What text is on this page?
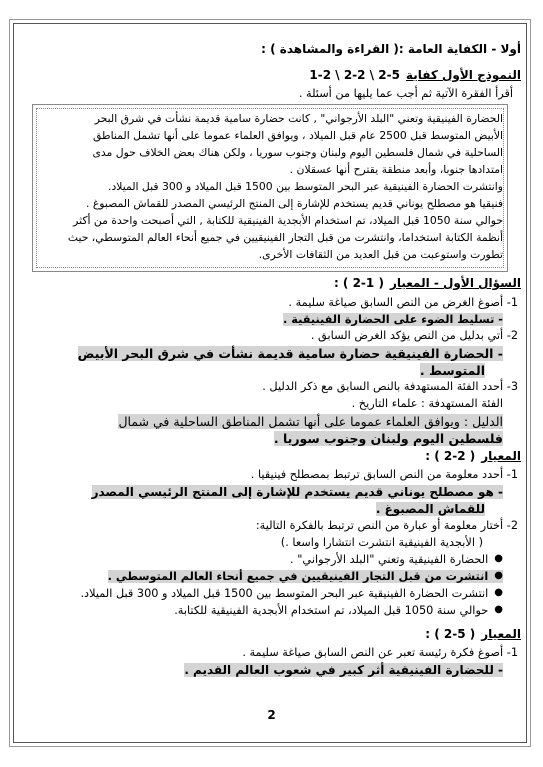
أولا - الكفاية العامة :( القراءة والمشاهدة ) :
النموذج الأول كفاية
1-2 \ 2-2 \ 2-5
أقرأ الفقرة الآتية ثم أجب عما يليها من أسئلة .
الحضارة الفينيقية وتعني "البلد الأرجواني" , كانت حضارة سامية قديمة نشأت في شرق البحر
الأبيض المتوسط قبل 2500 عام قبل الميلاد ، ويوافق العلماء عموما على أنها تشمل المناطق
الساحلية في شمال فلسطين اليوم ولبنان وجنوب سوريا ، ولكن هناك بعض الخلاف حول مدى
امتدادها جنوبا، وأبعد منطقة يقترح أنها عسقلان .
وانتشرت الحضارة الفينيقية عبر البحر المتوسط بين 1500 قبل الميلاد و 300 قبل الميلاد.
فنيقيا هو مصطلح يوناني قديم يستخدم للإشارة إلى المنتج الرئيسي المصدر للقماش المصبوغ .
حوالي سنة 1050 قبل الميلاد، تم استخدام الأبجدية الفينيقية للكتابة , التي أصبحت واحدة من أكثر
أنظمة الكتابة استخداما، وانتشرت من قبل التجار الفينيقيين في جميع أنحاء العالم المتوسطي، حيث
تطورت واستوعبت من قبل العديد من الثقافات الأخرى.
السؤال الأول - المعيار
( 2-1 ) :
1- أصوغ الغرض من النص السابق صياغة سليمة .
- تسليط الضوء على الحضارة الفينيقية .
2- أتي بدليل من النص يؤكد الغرض السابق .
- الحضارة الفينيقية حضارة سامية قديمة نشأت في شرق البحر الأبيض
المتوسط .
3- أحدد الفئة المستهدفة بالنص السابق مع ذكر الدليل .
الفئة المستهدفة : علماء التاريخ .
الدليل : ويوافق العلماء عموما على أنها تشمل المناطق الساحلية في شمال
فلسطين اليوم ولبنان وجنوب سوريا .
المعيار
( 2-2 ) :
1- أحدد معلومة من النص السابق ترتبط بمصطلح فينيقيا .
- هو مصطلح يوناني قديم يستخدم للإشارة إلى المنتج الرئيسي المصدر
للقماش المصبوغ .
2- أختار معلومة أو عبارة من النص ترتبط بالفكرة التالية:
( الأبجدية الفينيقية انتشرت انتشارا واسعا .)
●
الحضارة الفينيقية وتعني "البلد الأرجواني" .
●
انتشرت من قبل التجار الفينيقيين في جميع أنحاء العالم المتوسطي .
●
انتشرت الحضارة الفينيقية عبر البحر المتوسط بين 1500 قبل الميلاد و 300 قبل الميلاد.
●
حوالي سنة 1050 قبل الميلاد، تم استخدام الأبجدية الفينيقية للكتابة.
المعيار
( 2-5 ) :
1- أصوغ فكرة رئيسة تعبر عن النص السابق صياغة سليمة .
- للحضارة الفينيقية أثر كبير في شعوب العالم القديم .
2
